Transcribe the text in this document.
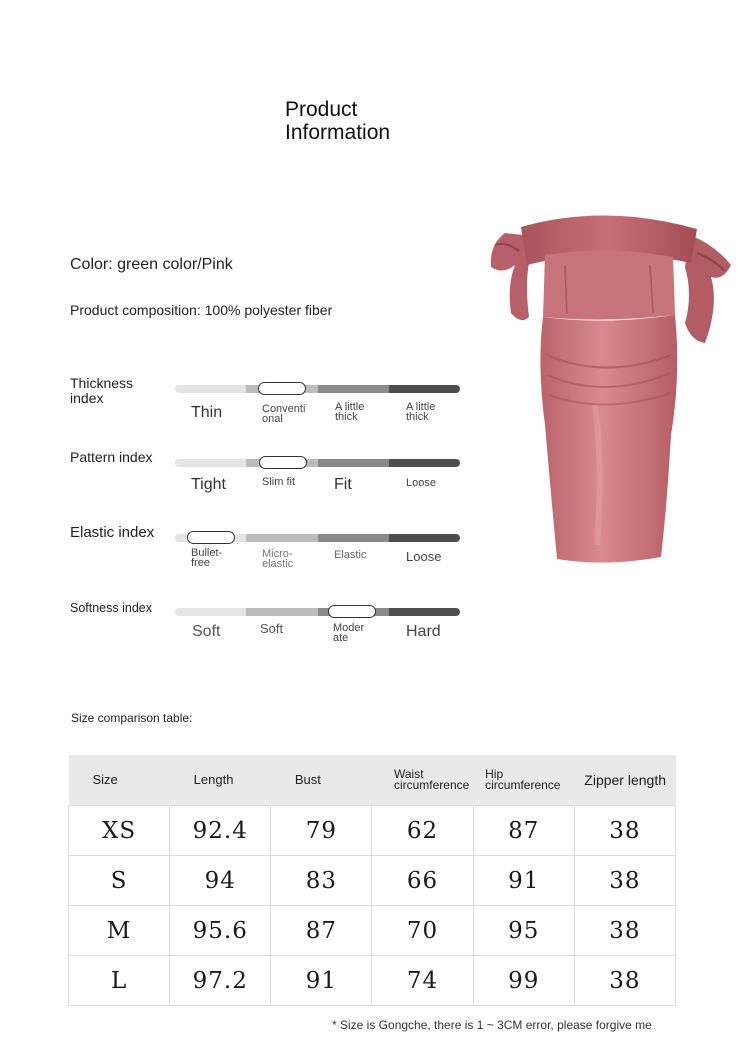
Product Information
Color: green color/Pink
Product composition: 100% polyester fiber
Thickness index
Thin	Conventi
onal
A little
thick
A little
thick
Pattern index
Tight	Slim fit Fit	Loose
Elastic index
Bullet-
free
Micro-
elastic
Elastic	Loose
Softness index
Soft	Soft	Moder
ate	Hard
Size comparison table:
Size	Length	Bust	Waist circumference	Hip circumference	Zipper length
XS	92.4	79	62	87	38
S	94	83	66	91	38
M	95.6	87	70	95	38
L	97.2	91	74	99	38
* Size is Gongche, there is 1 ~ 3CM error, please forgive me
